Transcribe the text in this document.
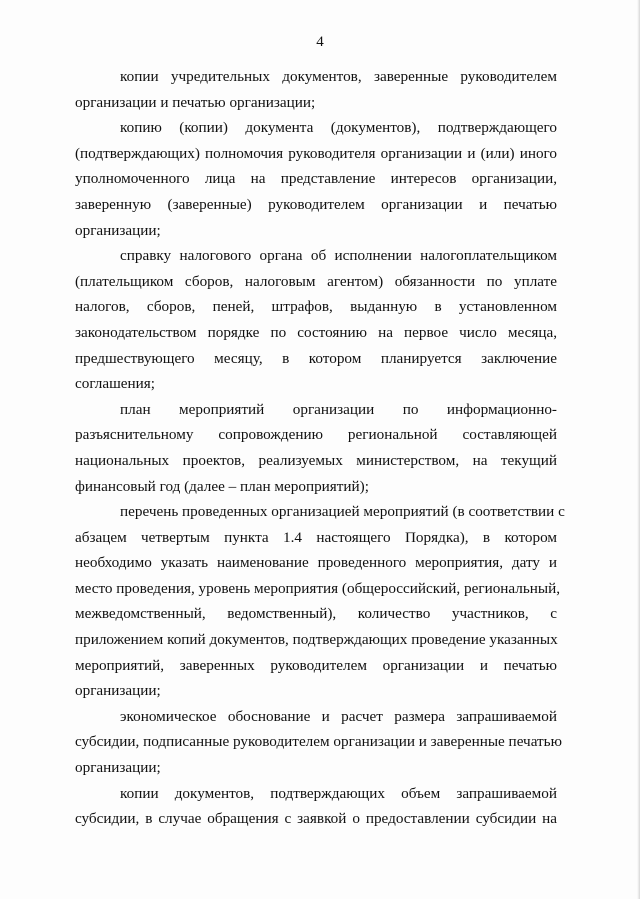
4
копии учредительных документов, заверенные руководителем
организации и печатью организации;
копию (копии) документа (документов), подтверждающего
(подтверждающих) полномочия руководителя организации и (или) иного
уполномоченного лица на представление интересов организации,
заверенную (заверенные) руководителем организации и печатью
организации;
справку налогового органа об исполнении налогоплательщиком
(плательщиком сборов, налоговым агентом) обязанности по уплате
налогов, сборов, пеней, штрафов, выданную в установленном
законодательством порядке по состоянию на первое число месяца,
предшествующего месяцу, в котором планируется заключение
соглашения;
план мероприятий организации по информационно-
разъяснительному сопровождению региональной составляющей
национальных проектов, реализуемых министерством, на текущий
финансовый год (далее – план мероприятий);
перечень проведенных организацией мероприятий (в соответствии с
абзацем четвертым пункта 1.4 настоящего Порядка), в котором
необходимо указать наименование проведенного мероприятия, дату и
место проведения, уровень мероприятия (общероссийский, региональный,
межведомственный, ведомственный), количество участников, с
приложением копий документов, подтверждающих проведение указанных
мероприятий, заверенных руководителем организации и печатью
организации;
экономическое обоснование и расчет размера запрашиваемой
субсидии, подписанные руководителем организации и заверенные печатью
организации;
копии документов, подтверждающих объем запрашиваемой
субсидии, в случае обращения с заявкой о предоставлении субсидии на
